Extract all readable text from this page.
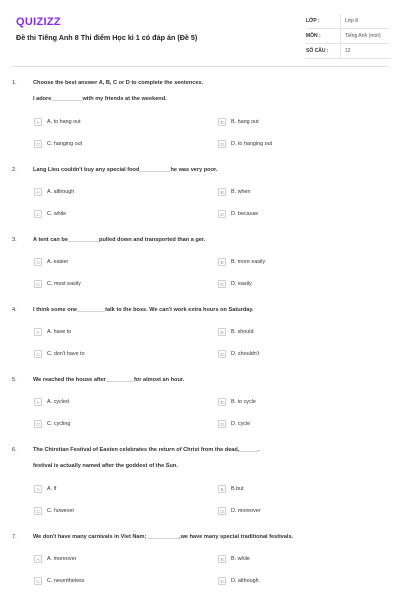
QUIZIZZ
Đề thi Tiếng Anh 8 Thi điểm Học kì 1 có đáp án (Đề 5)
LỚP :	Lớp 8
MÔN :	Tiếng Anh (mới)
SỐ CÂU :	12
1.	Choose the best answer A, B, C or D to complete the sentences.
I adore__________with my friends at the weekend.
A	A. to hang out	B	B. hang out
C	C. hanging out	D	D. to hanging out
2.	Lang Lieu couldn't buy any special food__________he was very poor.
A	A. although	B	B. when
C	C. while	D	D. because
3.	A tent can be__________pulled down and transported than a ger.
A	A. easier	B	B. more easily
C	C. most easily	D	D. easily
4.	I think some one_________talk to the boss. We can't work extra hours on Saturday.
A	A. have to	B	B. should
C	C. don't have to	D	D. shouldn't
5.	We reached the house after_________for almost an hour.
A	A. cycled	B	B. to cycle
C	C. cycling	D	D. cycle
6.	The Chirstian Festival of Easten celebrates the return of Christ from the dead,______.
festival is actually named after the goddest of the Sun.
A	A. if	B	B.but
C	C. however	D	D. moreover
7.	We don't have many carnivals in Viet Nam; __________,we have many special traditional festivals.
A	A. moreover	B	B. while
C	C. nevertheless	D	D. although
